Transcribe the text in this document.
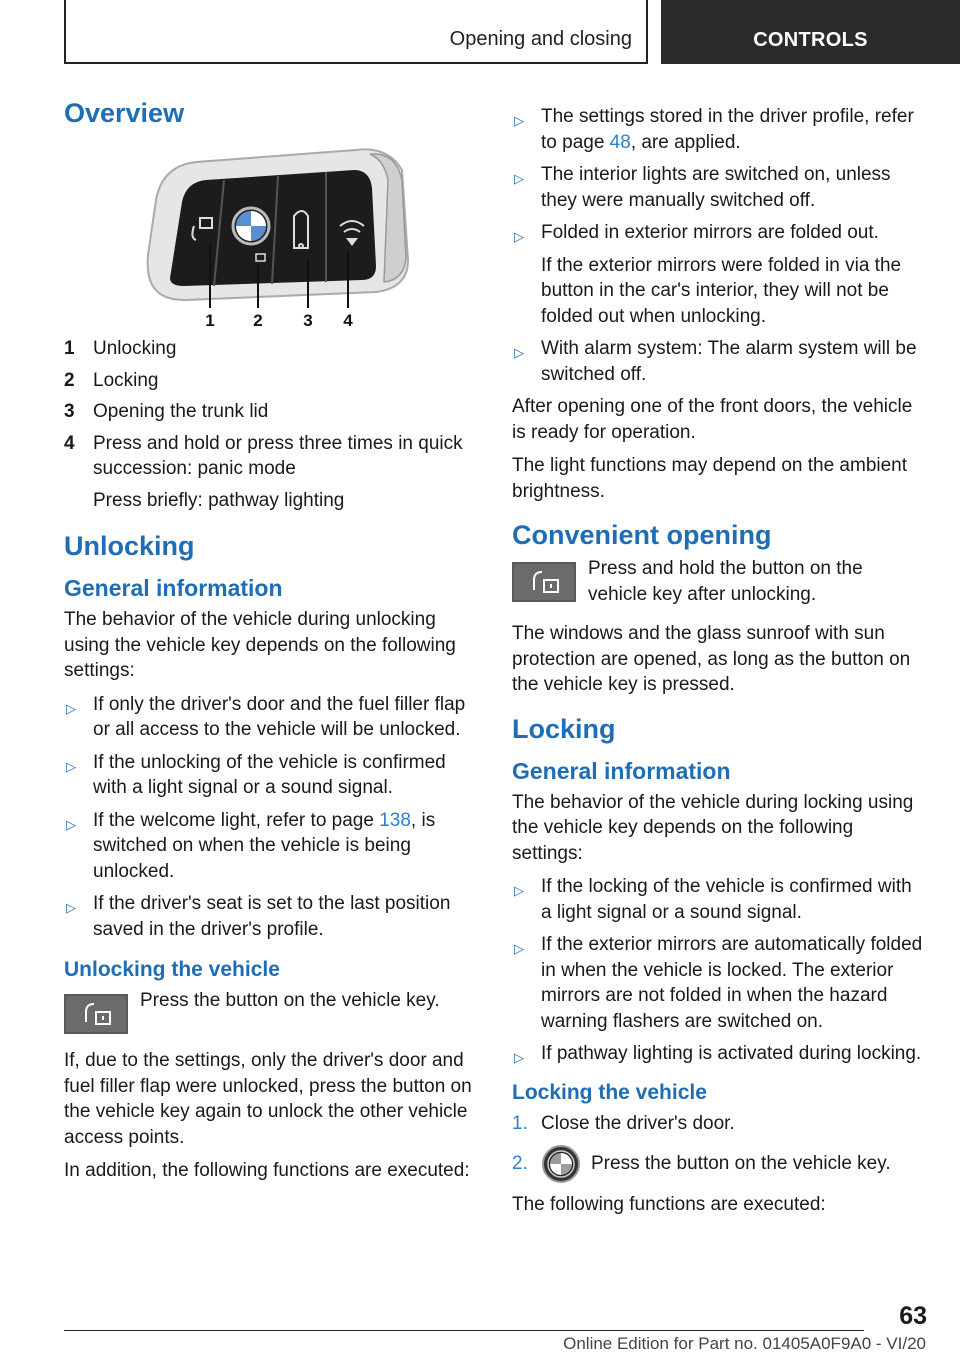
Opening and closing	CONTROLS
Overview
1 2 3 4
1 Unlocking
2 Locking
3 Opening the trunk lid
4 Press and hold or press three times in quick succession: panic mode
Press briefly: pathway lighting
Unlocking
General information

The behavior of the vehicle during unlocking using the vehicle key depends on the following settings:

▷ If only the driver's door and the fuel filler flap or all access to the vehicle will be unlocked.
▷ If the unlocking of the vehicle is confirmed with a light signal or a sound signal.
▷ If the welcome light, refer to page 138, is switched on when the vehicle is being unlocked.
▷ If the driver's seat is set to the last position saved in the driver's profile.
Unlocking the vehicle

Press the button on the vehicle key.

If, due to the settings, only the driver's door and fuel filler flap were unlocked, press the button on the vehicle key again to unlock the other vehicle access points.

In addition, the following functions are executed:

▷ The settings stored in the driver profile, refer to page 48, are applied.
▷ The interior lights are switched on, unless they were manually switched off.
▷ Folded in exterior mirrors are folded out.
If the exterior mirrors were folded in via the button in the car's interior, they will not be folded out when unlocking.
▷ With alarm system: The alarm system will be switched off.

After opening one of the front doors, the vehicle is ready for operation.

The light functions may depend on the ambient brightness.

Convenient opening

Press and hold the button on the vehicle key after unlocking.

The windows and the glass sunroof with sun protection are opened, as long as the button on the vehicle key is pressed.

Locking
General information

The behavior of the vehicle during locking using the vehicle key depends on the following settings:

▷ If the locking of the vehicle is confirmed with a light signal or a sound signal.
▷ If the exterior mirrors are automatically folded in when the vehicle is locked. The exterior mirrors are not folded in when the hazard warning flashers are switched on.
▷ If pathway lighting is activated during locking.
Locking the vehicle
1. Close the driver's door.
2.	Press the button on the vehicle key.

The following functions are executed:

63
Online Edition for Part no. 01405A0F9A0 - VI/20
